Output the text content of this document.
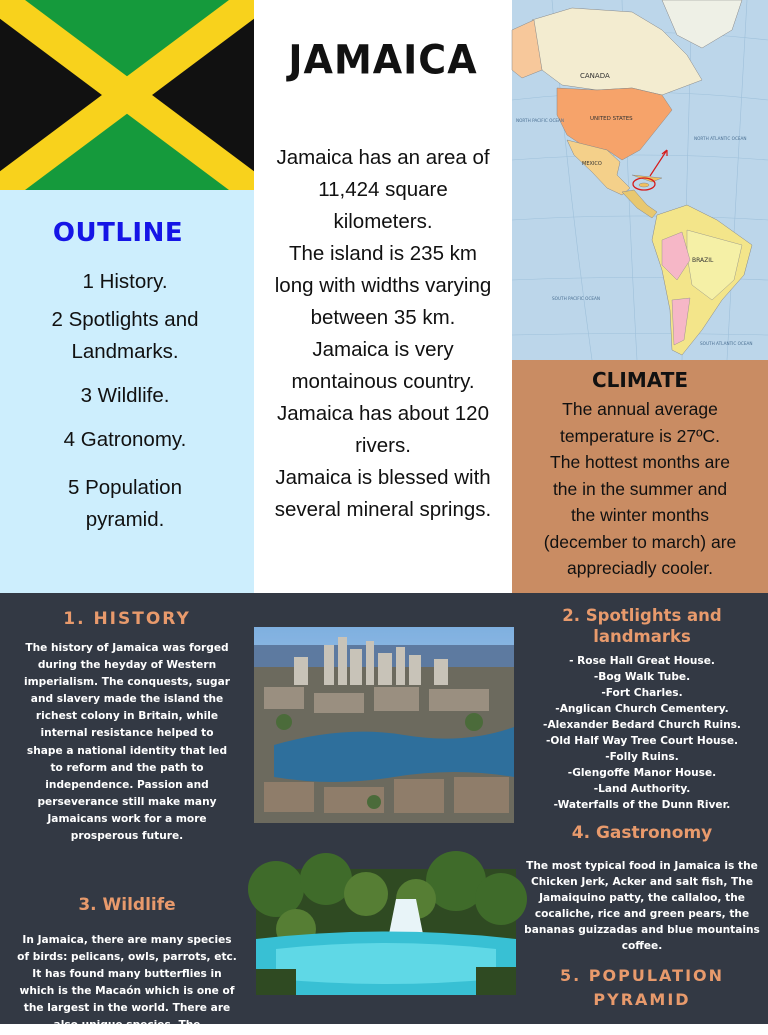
OUTLINE
1 History.
2 Spotlights and
Landmarks.
3 Wildlife.
4 Gatronomy.
5 Population
pyramid.
JAMAICA
Jamaica has an area of
11,424 square
kilometers.
The island is 235 km
long with widths varying
between 35 km.
Jamaica is very
montainous country.
Jamaica has about 120
rivers.
Jamaica is blessed with
several mineral springs.
CANADA
UNITED STATES
MEXICO
BRAZIL
NORTH PACIFIC OCEAN
NORTH ATLANTIC OCEAN
SOUTH PACIFIC OCEAN
SOUTH ATLANTIC OCEAN
CLIMATE
The annual average
temperature is 27ºC.
The hottest months are
the in the summer and
the winter months
(december to march) are
appreciadly cooler.
1. HISTORY
The history of Jamaica was forged
during the heyday of Western
imperialism. The conquests, sugar
and slavery made the island the
richest colony in Britain, while
internal resistance helped to
shape a national identity that led
to reform and the path to
independence. Passion and
perseverance still make many
Jamaicans work for a more
prosperous future.
2. Spotlights and
landmarks
- Rose Hall Great House.
-Bog Walk Tube.
-Fort Charles.
-Anglican Church Cementery.
-Alexander Bedard Church Ruins.
-Old Half Way Tree Court House.
-Folly Ruins.
-Glengoffe Manor House.
-Land Authority.
-Waterfalls of the Dunn River.
4. Gastronomy
The most typical food in Jamaica is the
Chicken Jerk, Acker and salt fish, The
Jamaiquino patty, the callaloo, the
cocaliche, rice and green pears, the
bananas guizzadas and blue mountains
coffee.
3. Wildlife
In Jamaica, there are many species
of birds: pelicans, owls, parrots, etc.
It has found many butterflies in
which is the Macaón which is one of
the largest in the world. There are
also unique species. The
5. POPULATION
PYRAMID
